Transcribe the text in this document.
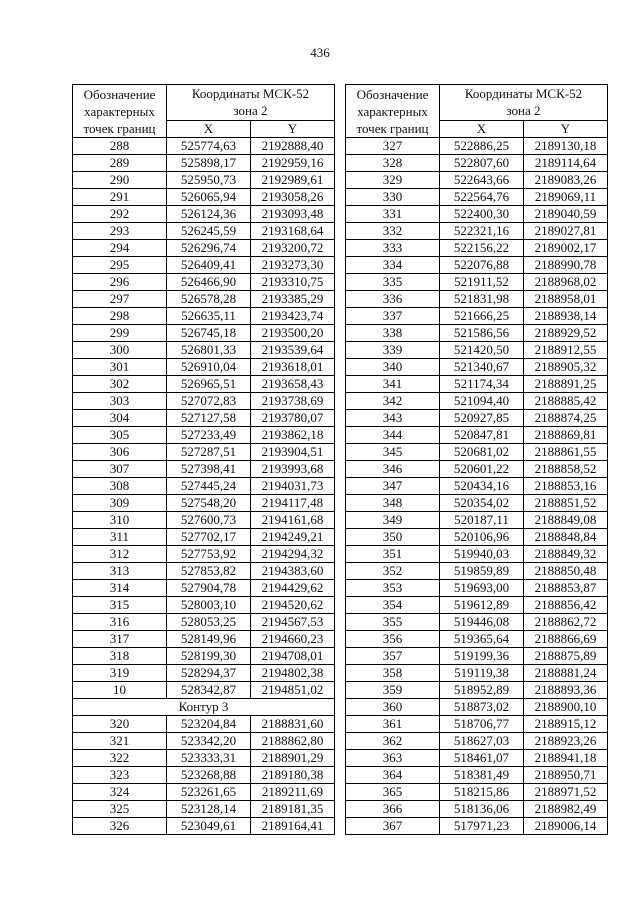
436
Обозначение
характерных
точек границ	Координаты МСК-52
зона 2	
	X	Y
288	525774,63	2192888,40
289	525898,17	2192959,16
290	525950,73	2192989,61
291	526065,94	2193058,26
292	526124,36	2193093,48
293	526245,59	2193168,64
294	526296,74	2193200,72
295	526409,41	2193273,30
296	526466,90	2193310,75
297	526578,28	2193385,29
298	526635,11	2193423,74
299	526745,18	2193500,20
300	526801,33	2193539,64
301	526910,04	2193618,01
302	526965,51	2193658,43
303	527072,83	2193738,69
304	527127,58	2193780,07
305	527233,49	2193862,18
306	527287,51	2193904,51
307	527398,41	2193993,68
308	527445,24	2194031,73
309	527548,20	2194117,48
310	527600,73	2194161,68
311	527702,17	2194249,21
312	527753,92	2194294,32
313	527853,82	2194383,60
314	527904,78	2194429,62
315	528003,10	2194520,62
316	528053,25	2194567,53
317	528149,96	2194660,23
318	528199,30	2194708,01
319	528294,37	2194802,38
10	528342,87	2194851,02
Контур 3		
320	523204,84	2188831,60
321	523342,20	2188862,80
322	523333,31	2188901,29
323	523268,88	2189180,38
324	523261,65	2189211,69
325	523128,14	2189181,35
326	523049,61	2189164,41
Обозначение
характерных
точек границ	Координаты МСК-52
зона 2	
	X	Y
327	522886,25	2189130,18
328	522807,60	2189114,64
329	522643,66	2189083,26
330	522564,76	2189069,11
331	522400,30	2189040,59
332	522321,16	2189027,81
333	522156,22	2189002,17
334	522076,88	2188990,78
335	521911,52	2188968,02
336	521831,98	2188958,01
337	521666,25	2188938,14
338	521586,56	2188929,52
339	521420,50	2188912,55
340	521340,67	2188905,32
341	521174,34	2188891,25
342	521094,40	2188885,42
343	520927,85	2188874,25
344	520847,81	2188869,81
345	520681,02	2188861,55
346	520601,22	2188858,52
347	520434,16	2188853,16
348	520354,02	2188851,52
349	520187,11	2188849,08
350	520106,96	2188848,84
351	519940,03	2188849,32
352	519859,89	2188850,48
353	519693,00	2188853,87
354	519612,89	2188856,42
355	519446,08	2188862,72
356	519365,64	2188866,69
357	519199,36	2188875,89
358	519119,38	2188881,24
359	518952,89	2188893,36
360	518873,02	2188900,10
361	518706,77	2188915,12
362	518627,03	2188923,26
363	518461,07	2188941,18
364	518381,49	2188950,71
365	518215,86	2188971,52
366	518136,06	2188982,49
367	517971,23	2189006,14
